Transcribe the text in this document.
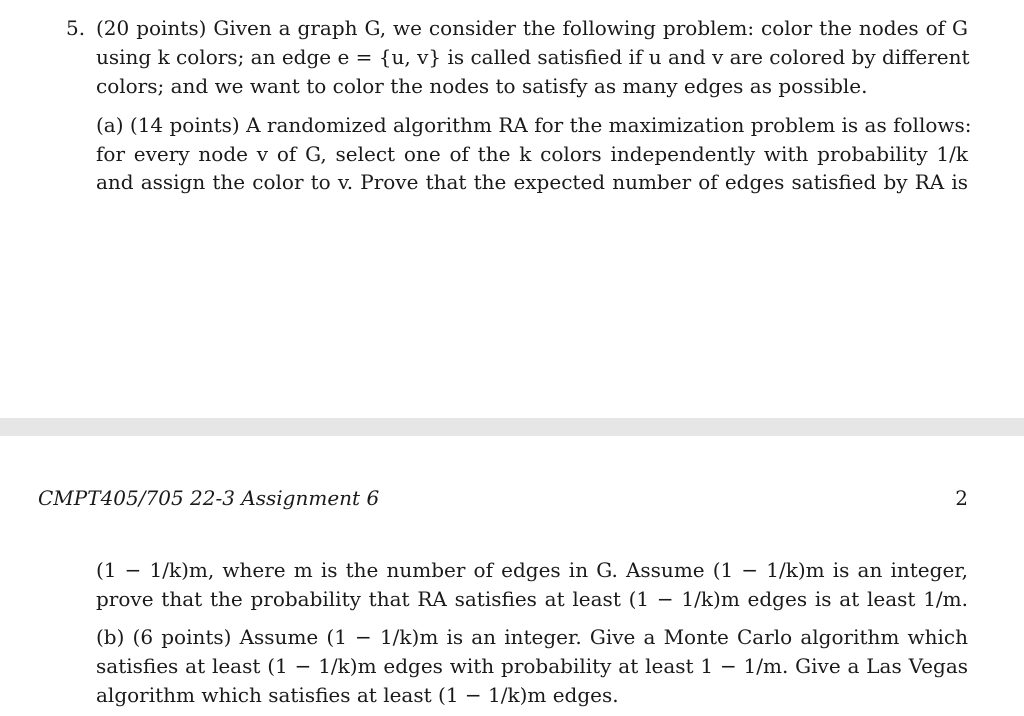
5. (20 points) Given a graph G, we consider the following problem: color the nodes of G
using k colors; an edge e = {u, v} is called satisfied if u and v are colored by different
colors; and we want to color the nodes to satisfy as many edges as possible.
(a) (14 points) A randomized algorithm RA for the maximization problem is as follows:
for every node v of G, select one of the k colors independently with probability 1/k
and assign the color to v. Prove that the expected number of edges satisfied by RA is
CMPT405/705 22-3 Assignment 6	2
(1 − 1/k)m, where m is the number of edges in G. Assume (1 − 1/k)m is an integer,
prove that the probability that RA satisfies at least (1 − 1/k)m edges is at least 1/m.
(b) (6 points) Assume (1 − 1/k)m is an integer. Give a Monte Carlo algorithm which
satisfies at least (1 − 1/k)m edges with probability at least 1 − 1/m. Give a Las Vegas
algorithm which satisfies at least (1 − 1/k)m edges.
